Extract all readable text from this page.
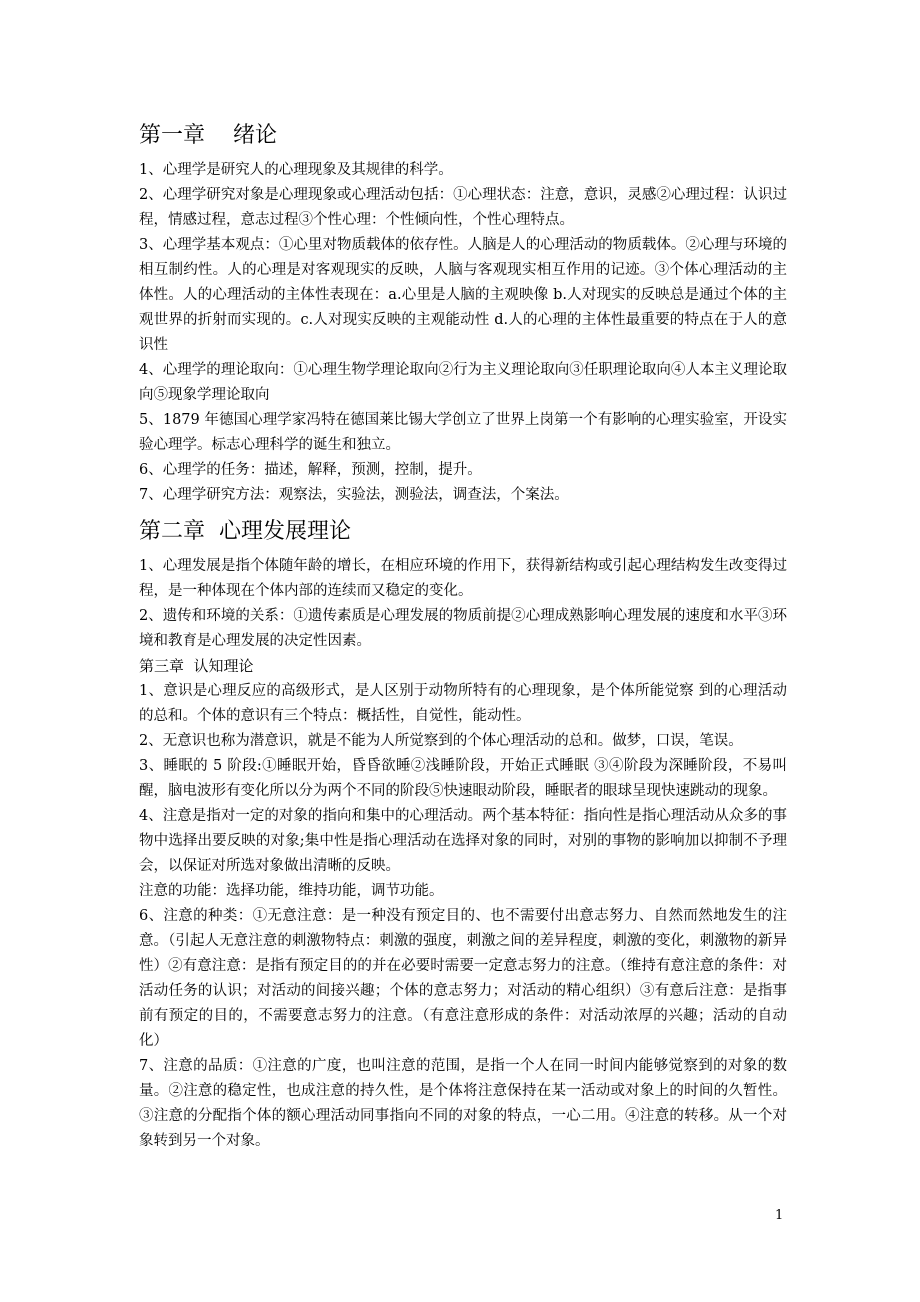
第一章    绪论

1、心理学是研究人的心理现象及其规律的科学。

2、心理学研究对象是心理现象或心理活动包括：①心理状态：注意，意识，灵感②心理过程：认识过程，情感过程，意志过程③个性心理：个性倾向性，个性心理特点。

3、心理学基本观点：①心里对物质载体的依存性。人脑是人的心理活动的物质载体。②心理与环境的相互制约性。人的心理是对客观现实的反映，人脑与客观现实相互作用的记迹。③个体心理活动的主体性。人的心理活动的主体性表现在：a.心里是人脑的主观映像 b.人对现实的反映总是通过个体的主观世界的折射而实现的。c.人对现实反映的主观能动性 d.人的心理的主体性最重要的特点在于人的意识性

4、心理学的理论取向：①心理生物学理论取向②行为主义理论取向③任职理论取向④人本主义理论取向⑤现象学理论取向

5、1879 年德国心理学家冯特在德国莱比锡大学创立了世界上岗第一个有影响的心理实验室，开设实验心理学。标志心理科学的诞生和独立。

6、心理学的任务：描述，解释，预测，控制，提升。

7、心理学研究方法：观察法，实验法，测验法，调查法，个案法。

第二章  心理发展理论

1、心理发展是指个体随年龄的增长，在相应环境的作用下，获得新结构或引起心理结构发生改变得过程，是一种体现在个体内部的连续而又稳定的变化。

2、遗传和环境的关系：①遗传素质是心理发展的物质前提②心理成熟影响心理发展的速度和水平③环境和教育是心理发展的决定性因素。

第三章  认知理论

1、意识是心理反应的高级形式，是人区别于动物所特有的心理现象，是个体所能觉察 到的心理活动的总和。个体的意识有三个特点：概括性，自觉性，能动性。

2、无意识也称为潜意识，就是不能为人所觉察到的个体心理活动的总和。做梦，口误，笔误。

3、睡眠的 5 阶段:①睡眠开始，昏昏欲睡②浅睡阶段，开始正式睡眠 ③④阶段为深睡阶段，不易叫醒，脑电波形有变化所以分为两个不同的阶段⑤快速眼动阶段，睡眠者的眼球呈现快速跳动的现象。

4、注意是指对一定的对象的指向和集中的心理活动。两个基本特征：指向性是指心理活动从众多的事物中选择出要反映的对象;集中性是指心理活动在选择对象的同时，对别的事物的影响加以抑制不予理会，以保证对所选对象做出清晰的反映。

注意的功能：选择功能，维持功能，调节功能。

6、注意的种类：①无意注意：是一种没有预定目的、也不需要付出意志努力、自然而然地发生的注意。（引起人无意注意的刺激物特点：刺激的强度，刺激之间的差异程度，刺激的变化，刺激物的新异性）②有意注意：是指有预定目的的并在必要时需要一定意志努力的注意。（维持有意注意的条件：对活动任务的认识；对活动的间接兴趣；个体的意志努力；对活动的精心组织）③有意后注意：是指事前有预定的目的，不需要意志努力的注意。（有意注意形成的条件：对活动浓厚的兴趣；活动的自动化）

7、注意的品质：①注意的广度，也叫注意的范围，是指一个人在同一时间内能够觉察到的对象的数量。②注意的稳定性，也成注意的持久性，是个体将注意保持在某一活动或对象上的时间的久暂性。③注意的分配指个体的额心理活动同事指向不同的对象的特点，一心二用。④注意的转移。从一个对象转到另一个对象。

1
